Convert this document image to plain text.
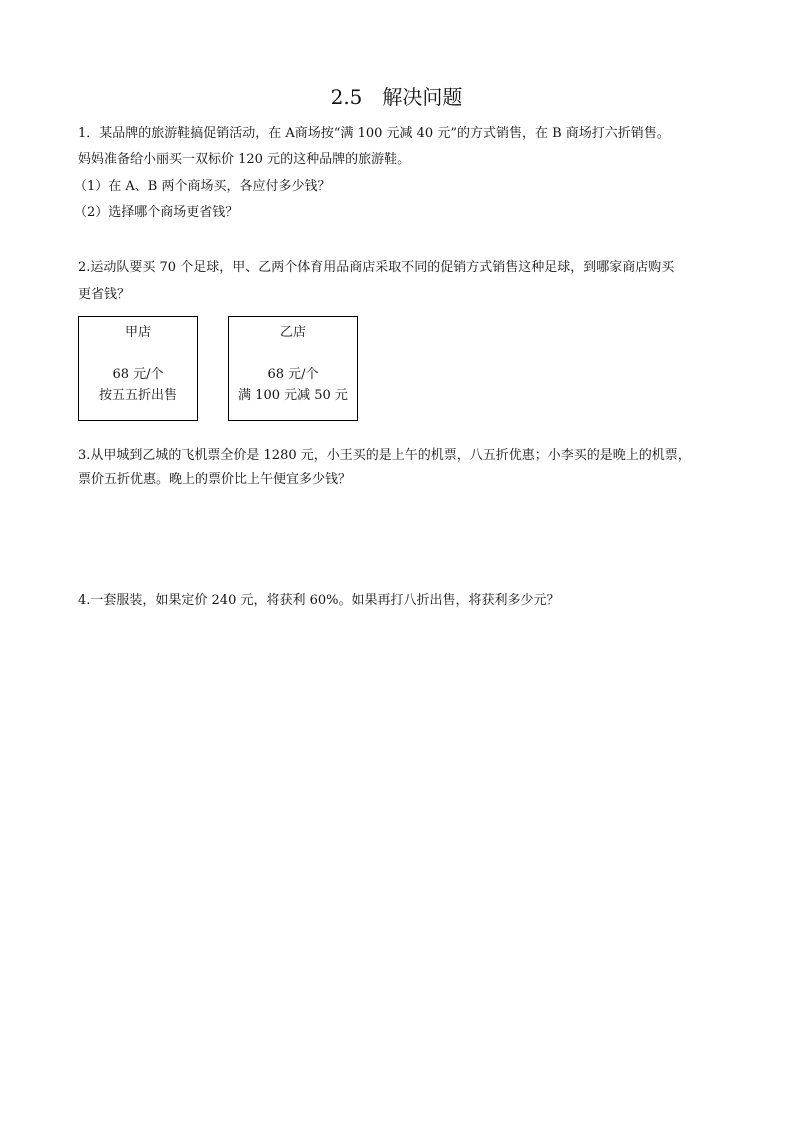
2.5　解决问题
1．某品牌的旅游鞋搞促销活动，在 A商场按“满 100 元减 40 元”的方式销售，在 B 商场打六折销售。
妈妈准备给小丽买一双标价 120 元的这种品牌的旅游鞋。
（1）在 A、B 两个商场买，各应付多少钱？
（2）选择哪个商场更省钱？
2.运动队要买 70 个足球，甲、乙两个体育用品商店采取不同的促销方式销售这种足球，到哪家商店购买
更省钱？
甲店
68 元/个
按五五折出售
乙店
68 元/个
满 100 元减 50 元
3.从甲城到乙城的飞机票全价是 1280 元，小王买的是上午的机票，八五折优惠；小李买的是晚上的机票，
票价五折优惠。晚上的票价比上午便宜多少钱？
4.一套服装，如果定价 240 元，将获利 60%。如果再打八折出售，将获利多少元？
